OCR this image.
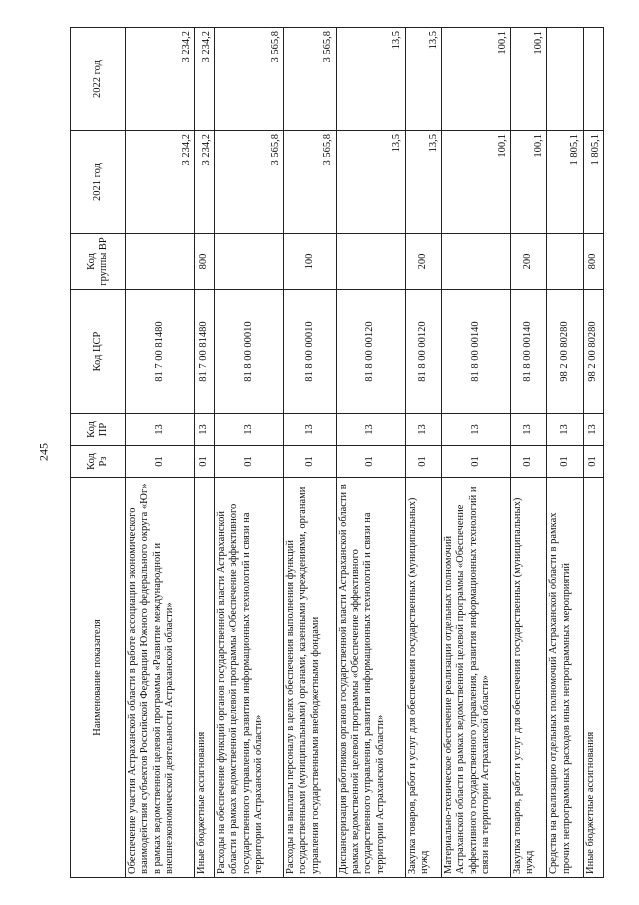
245
Наименование показателя	Код Рз	Код ПР	Код ЦСР	Код группы ВР	2021 год	2022 год
Обеспечение участия Астраханской области в работе ассоциации экономического взаимодействия субъектов Российской Федерации Южного федерального округа «Юг» в рамках ведомственной целевой программы «Развитие международной и внешнеэкономической деятельности Астраханской области»	01	13	81 7 00 81480		3 234,2	3 234,2
Иные бюджетные ассигнования	01	13	81 7 00 81480	800	3 234,2	3 234,2
Расходы на обеспечение функций органов государственной власти Астраханской области в рамках ведомственной целевой программы «Обеспечение эффективного государственного управления, развития информационных технологий и связи на территории Астраханской области»	01	13	81 8 00 00010		3 565,8	3 565,8
Расходы на выплаты персоналу в целях обеспечения выполнения функций государственными (муниципальными) органами, казенными учреждениями, органами управления государственными внебюджетными фондами	01	13	81 8 00 00010	100	3 565,8	3 565,8
Диспансеризация работников органов государственной власти Астраханской области в рамках ведомственной целевой программы «Обеспечение эффективного государственного управления, развития информационных технологий и связи на территории Астраханской области»	01	13	81 8 00 00120		13,5	13,5
Закупка товаров, работ и услуг для обеспечения государственных (муниципальных) нужд	01	13	81 8 00 00120	200	13,5	13,5
Материально-техническое обеспечение реализации отдельных полномочий Астраханской области в рамках ведомственной целевой программы «Обеспечение эффективного государственного управления, развития информационных технологий и связи на территории Астраханской области»	01	13	81 8 00 00140		100,1	100,1
Закупка товаров, работ и услуг для обеспечения государственных (муниципальных) нужд	01	13	81 8 00 00140	200	100,1	100,1
Средства на реализацию отдельных полномочий Астраханской области в рамках прочих непрограммных расходов иных непрограммных мероприятий	01	13	98 2 00 80280		1 805,1	
Иные бюджетные ассигнования	01	13	98 2 00 80280	800	1 805,1	
